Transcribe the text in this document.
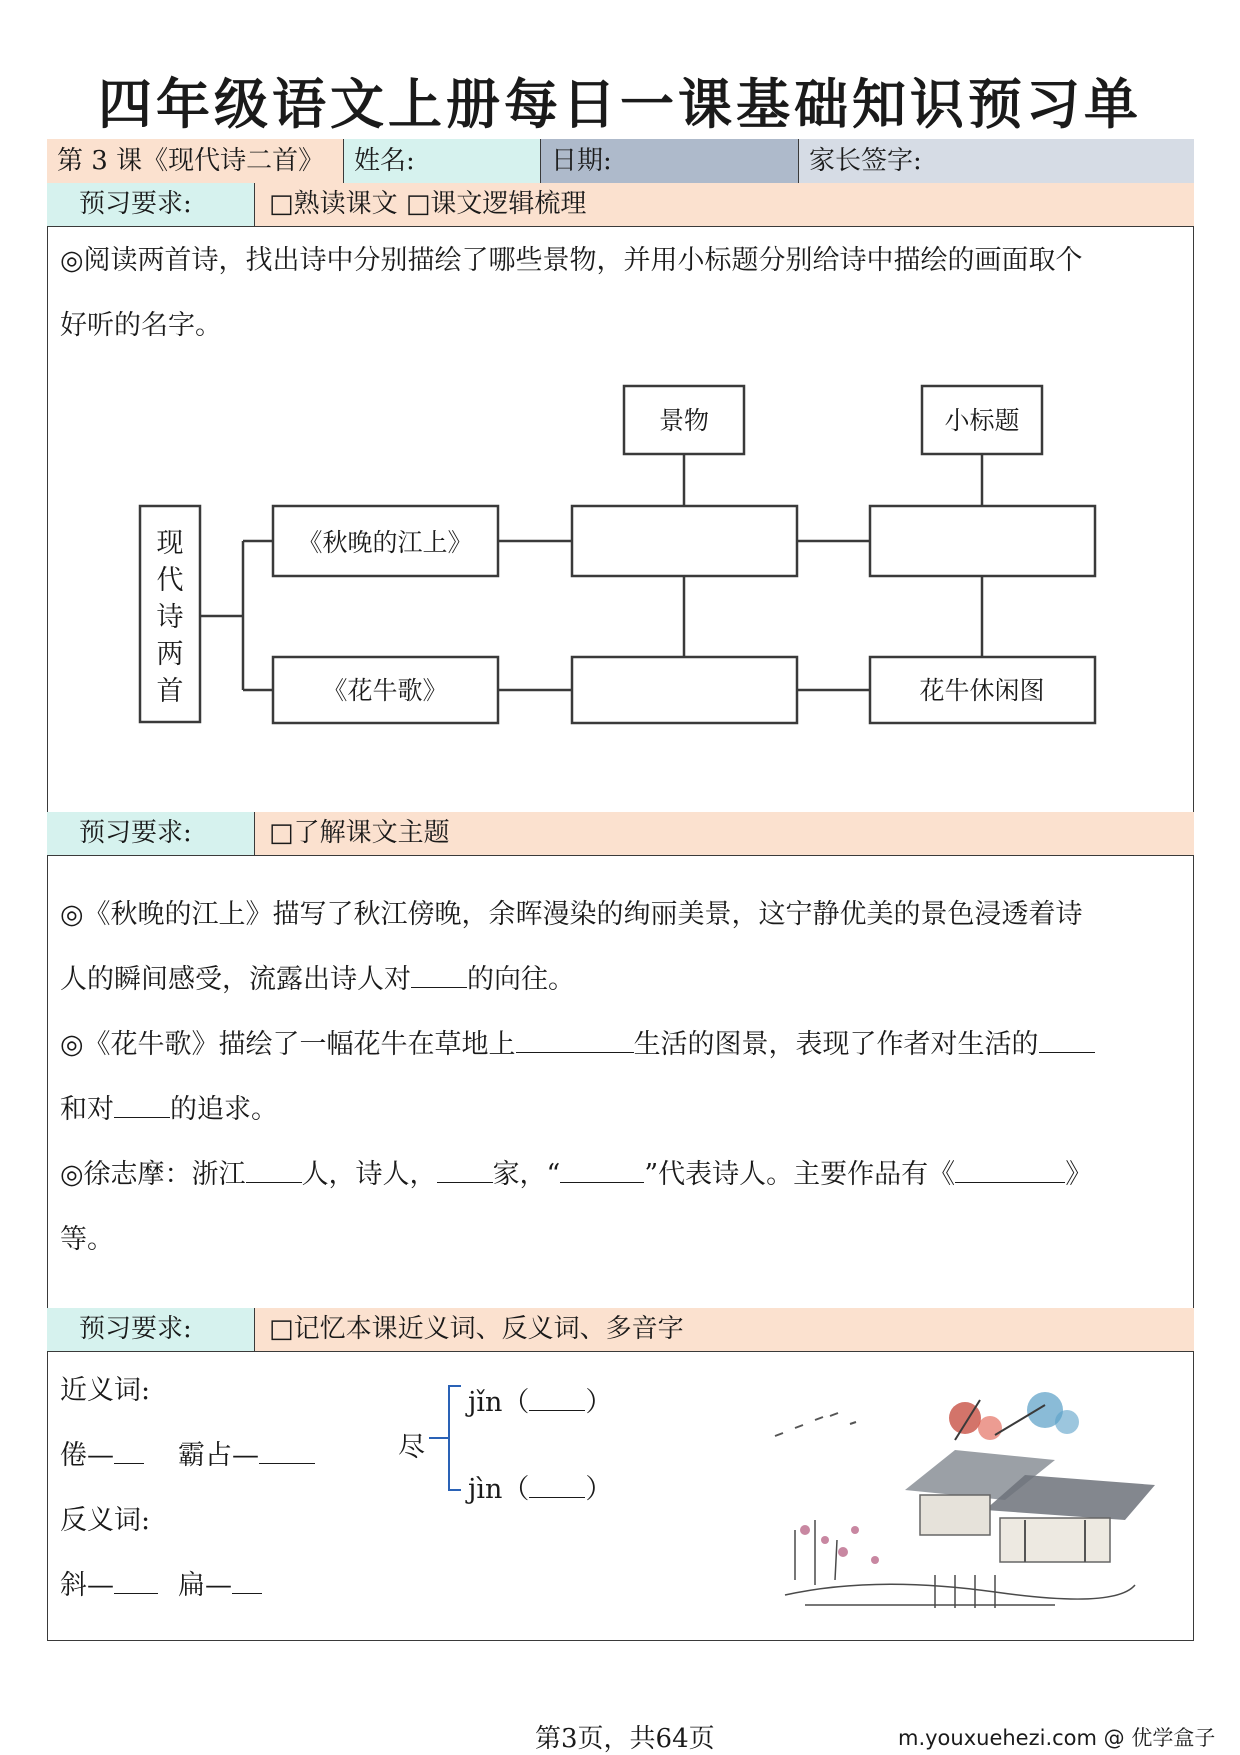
四年级语文上册每日一课基础知识预习单
第 3 课《现代诗二首》	姓名:	日期:	家长签字:
预习要求:	□熟读课文 □课文逻辑梳理
◎阅读两首诗，找出诗中分别描绘了哪些景物，并用小标题分别给诗中描绘的画面取个
好听的名字。
现
代
诗
两
首
《秋晚的江上》
《花牛歌》
景物	小标题
花牛休闲图
预习要求:	□了解课文主题
◎《秋晚的江上》描写了秋江傍晚，余晖漫染的绚丽美景，这宁静优美的景色浸透着诗
人的瞬间感受，流露出诗人对 的向往。
◎《花牛歌》描绘了一幅花牛在草地上	生活的图景，表现了作者对生活的
和对 的追求。
◎徐志摩：浙江 人，诗人， 家，“	”代表诗人。主要作品有《	》
等。
预习要求:	□记忆本课近义词、反义词、多音字
近义词:
倦—	霸占—
反义词:
斜—	扁—
尽
jǐn（ ）
jìn（ ）
第3页，共64页	m.youxuehezi.com @ 优学盒子
